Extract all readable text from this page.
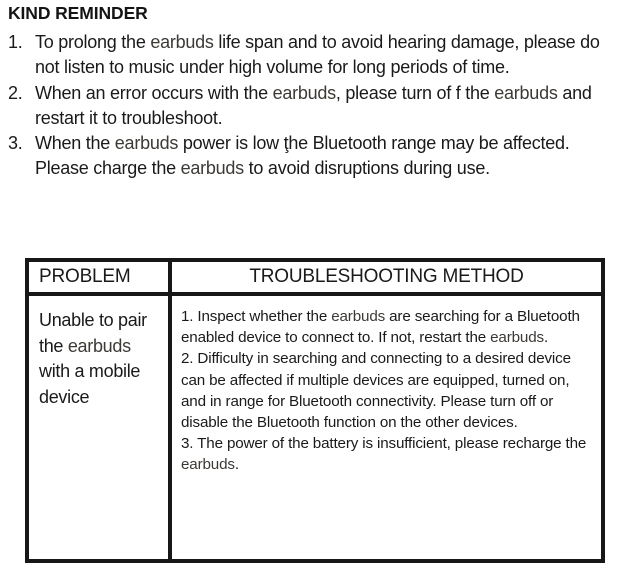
KIND REMINDER
1. To prolong the earbuds life span and to avoid hearing damage, please do not listen to music under high volume for long periods of time.
2. When an error occurs with the earbuds, please turn of f the earbuds and restart it to troubleshoot.
3. When the earbuds power is low ţhe Bluetooth range may be affected. Please charge the earbuds to avoid disruptions during use.
PROBLEM	TROUBLESHOOTING METHOD
Unable to pair the earbuds with a mobile device
1. Inspect whether the earbuds are searching for a Bluetooth enabled device to connect to. If not, restart the earbuds.
2. Difficulty in searching and connecting to a desired device can be affected if multiple devices are equipped, turned on, and in range for Bluetooth connectivity. Please turn off or disable the Bluetooth function on the other devices.
3. The power of the battery is insufficient, please recharge the earbuds.
